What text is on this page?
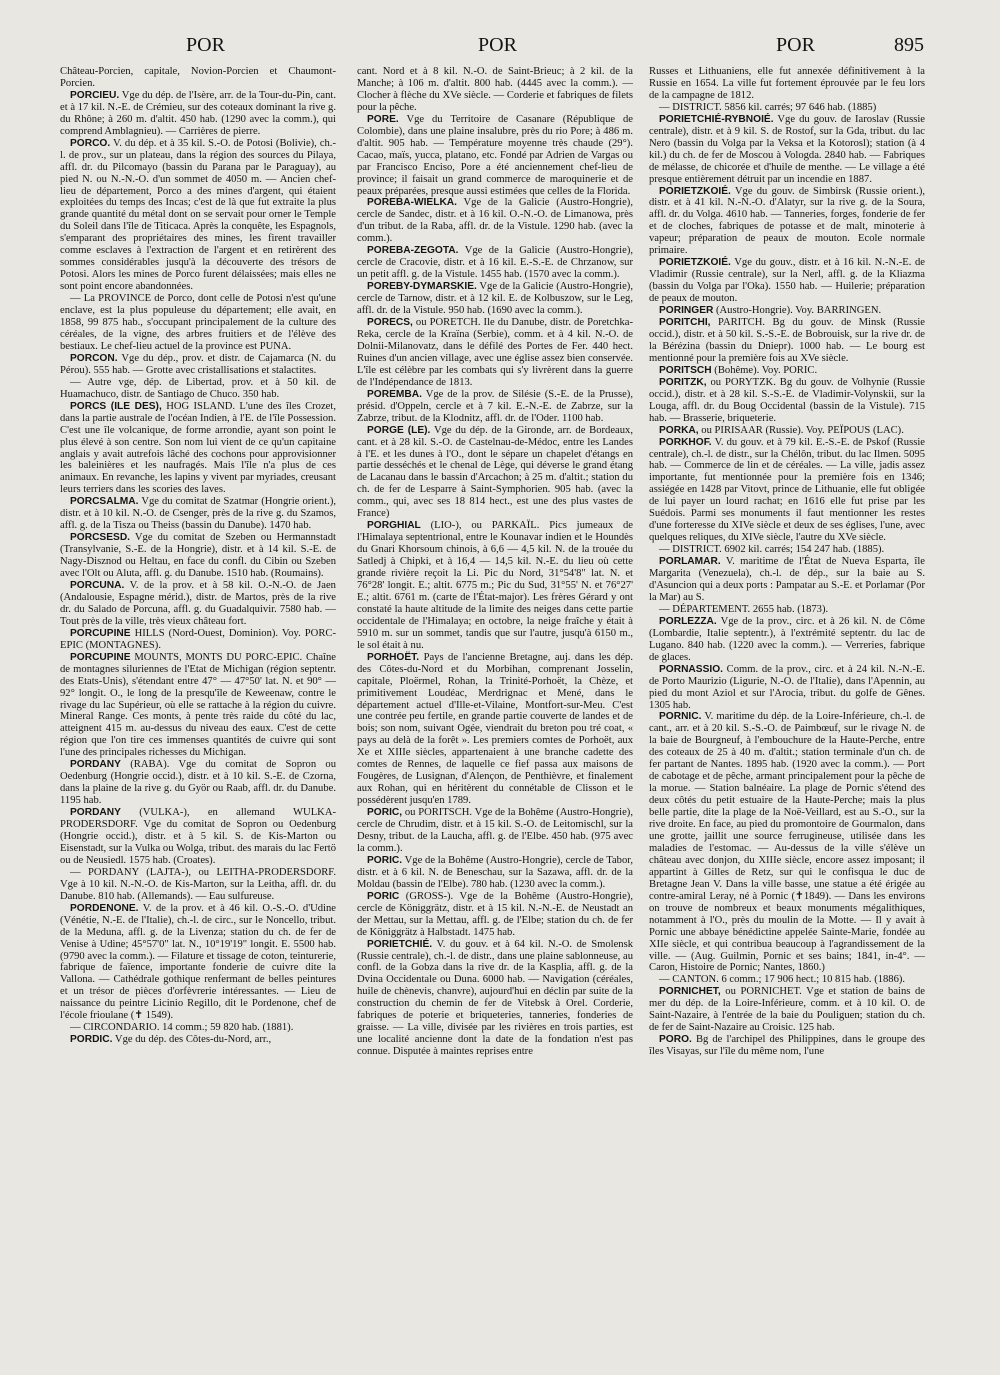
POR	POR	POR	895

Château-Porcien, capitale, Novion-Porcien et Chaumont-Porcien.

PORCIEU. Vge du dép. de l'Isère, arr. de la Tour-du-Pin, cant. et à 17 kil. N.-E. de Crémieu, sur des coteaux dominant la rive g. du Rhône; à 260 m. d'altit. 450 hab. (1290 avec la comm.), qui comprend Amblagnieu). — Carrières de pierre.

PORCO. V. du dép. et à 35 kil. S.-O. de Potosi (Bolivie), ch.-l. de prov., sur un plateau, dans la région des sources du Pilaya, affl. dr. du Pilcomayo (bassin du Parana par le Paraguay), au pied N. ou N.-N.-O. d'un sommet de 4050 m. — Ancien chef-lieu de département, Porco a des mines d'argent, qui étaient exploitées du temps des Incas; c'est de là que fut extraite la plus grande quantité du métal dont on se servait pour orner le Temple du Soleil dans l'île de Titicaca. Après la conquête, les Espagnols, s'emparant des propriétaires des mines, les firent travailler comme esclaves à l'extraction de l'argent et en retirèrent des sommes considérables jusqu'à la découverte des trésors de Potosi. Alors les mines de Porco furent délaissées; mais elles ne sont point encore abandonnées.

— La PROVINCE de Porco, dont celle de Potosi n'est qu'une enclave, est la plus populeuse du département; elle avait, en 1858, 99 875 hab., s'occupant principalement de la culture des céréales, de la vigne, des arbres fruitiers et de l'élève des bestiaux. Le chef-lieu actuel de la province est PUNA.

PORCON. Vge du dép., prov. et distr. de Cajamarca (N. du Pérou). 555 hab. — Grotte avec cristallisations et stalactites.

— Autre vge, dép. de Libertad, prov. et à 50 kil. de Huamachuco, distr. de Santiago de Chuco. 350 hab.

PORCS (ILE DES), HOG ISLAND. L'une des îles Crozet, dans la partie australe de l'océan Indien, à l'E. de l'île Possession. C'est une île volcanique, de forme arrondie, ayant son point le plus élevé à son centre. Son nom lui vient de ce qu'un capitaine anglais y avait autrefois lâché des cochons pour approvisionner les baleinières et les naufragés. Mais l'île n'a plus de ces animaux. En revanche, les lapins y vivent par myriades, creusant leurs terriers dans les scories des laves.

PORCSALMA. Vge du comitat de Szatmar (Hongrie orient.), distr. et à 10 kil. N.-O. de Csenger, près de la rive g. du Szamos, affl. g. de la Tisza ou Theiss (bassin du Danube). 1470 hab.

PORCSESD. Vge du comitat de Szeben ou Hermannstadt (Transylvanie, S.-E. de la Hongrie), distr. et à 14 kil. S.-E. de Nagy-Disznod ou Heltau, en face du confl. du Cibin ou Szeben avec l'Olt ou Aluta, affl. g. du Danube. 1510 hab. (Roumains).

PORCUNA. V. de la prov. et à 58 kil. O.-N.-O. de Jaen (Andalousie, Espagne mérid.), distr. de Martos, près de la rive dr. du Salado de Porcuna, affl. g. du Guadalquivir. 7580 hab. — Tout près de la ville, très vieux château fort.

PORCUPINE HILLS (Nord-Ouest, Dominion). Voy. PORC-EPIC (MONTAGNES).

PORCUPINE MOUNTS, MONTS DU PORC-EPIC. Chaîne de montagnes siluriennes de l'Etat de Michigan (région septentr. des Etats-Unis), s'étendant entre 47° — 47°50' lat. N. et 90° — 92° longit. O., le long de la presqu'île de Keweenaw, contre le rivage du lac Supérieur, où elle se rattache à la région du cuivre. Mineral Range. Ces monts, à pente très raide du côté du lac, atteignent 415 m. au-dessus du niveau des eaux. C'est de cette région que l'on tire ces immenses quantités de cuivre qui sont l'une des principales richesses du Michigan.

PORDANY (RABA). Vge du comitat de Sopron ou Oedenburg (Hongrie occid.), distr. et à 10 kil. S.-E. de Czorna, dans la plaine de la rive g. du Györ ou Raab, affl. dr. du Danube. 1195 hab.

PORDANY (VULKA-), en allemand WULKA-PRODERSDORF. Vge du comitat de Sopron ou Oedenburg (Hongrie occid.), distr. et à 5 kil. S. de Kis-Marton ou Eisenstadt, sur la Vulka ou Wolga, tribut. des marais du lac Fertö ou de Neusiedl. 1575 hab. (Croates).

— PORDANY (LAJTA-), ou LEITHA-PRODERSDORF. Vge à 10 kil. N.-N.-O. de Kis-Marton, sur la Leitha, affl. dr. du Danube. 810 hab. (Allemands). — Eau sulfureuse.

PORDENONE. V. de la prov. et à 46 kil. O.-S.-O. d'Udine (Vénétie, N.-E. de l'Italie), ch.-l. de circ., sur le Noncello, tribut. de la Meduna, affl. g. de la Livenza; station du ch. de fer de Venise à Udine; 45°57'0" lat. N., 10°19'19" longit. E. 5500 hab. (9790 avec la comm.). — Filature et tissage de coton, teinturerie, fabrique de faïence, importante fonderie de cuivre dite la Vallona. — Cathédrale gothique renfermant de belles peintures et un trésor de pièces d'orfèvrerie intéressantes. — Lieu de naissance du peintre Licinio Regillo, dit le Pordenone, chef de l'école frioulane (✝ 1549).

— CIRCONDARIO. 14 comm.; 59 820 hab. (1881).

PORDIC. Vge du dép. des Côtes-du-Nord, arr.,

cant. Nord et à 8 kil. N.-O. de Saint-Brieuc; à 2 kil. de la Manche; à 106 m. d'altit. 800 hab. (4445 avec la comm.). — Clocher à flèche du XVe siècle. — Corderie et fabriques de filets pour la pêche.

PORE. Vge du Territoire de Casanare (République de Colombie), dans une plaine insalubre, près du rio Pore; à 486 m. d'altit. 905 hab. — Température moyenne très chaude (29°). Cacao, maïs, yucca, platano, etc. Fondé par Adrien de Vargas ou par Francisco Enciso, Pore a été anciennement chef-lieu de province; il faisait un grand commerce de maroquinerie et de peaux préparées, presque aussi estimées que celles de la Florida.

POREBA-WIELKA. Vge de la Galicie (Austro-Hongrie), cercle de Sandec, distr. et à 16 kil. O.-N.-O. de Limanowa, près d'un tribut. de la Raba, affl. dr. de la Vistule. 1290 hab. (avec la comm.).

POREBA-ZEGOTA. Vge de la Galicie (Austro-Hongrie), cercle de Cracovie, distr. et à 16 kil. E.-S.-E. de Chrzanow, sur un petit affl. g. de la Vistule. 1455 hab. (1570 avec la comm.).

POREBY-DYMARSKIE. Vge de la Galicie (Austro-Hongrie), cercle de Tarnow, distr. et à 12 kil. E. de Kolbuszow, sur le Leg, affl. dr. de la Vistule. 950 hab. (1690 avec la comm.).

PORECS, ou PORETCH. Ile du Danube, distr. de Poretchka-Reka, cercle de la Kraïna (Serbie), comm. et à 4 kil. N.-O. de Dolnii-Milanovatz, dans le défilé des Portes de Fer. 440 hect. Ruines d'un ancien village, avec une église assez bien conservée. L'île est célèbre par les combats qui s'y livrèrent dans la guerre de l'Indépendance de 1813.

POREMBA. Vge de la prov. de Silésie (S.-E. de la Prusse), présid. d'Oppeln, cercle et à 7 kil. E.-N.-E. de Zabrze, sur la Zabrze, tribut. de la Klodnitz, affl. dr. de l'Oder. 1100 hab.

PORGE (LE). Vge du dép. de la Gironde, arr. de Bordeaux, cant. et à 28 kil. S.-O. de Castelnau-de-Médoc, entre les Landes à l'E. et les dunes à l'O., dont le sépare un chapelet d'étangs en partie desséchés et le chenal de Lège, qui déverse le grand étang de Lacanau dans le bassin d'Arcachon; à 25 m. d'altit.; station du ch. de fer de Lesparre à Saint-Symphorien. 905 hab. (avec la comm., qui, avec ses 18 814 hect., est une des plus vastes de France)

PORGHIAL (LIO-), ou PARKAÏL. Pics jumeaux de l'Himalaya septentrional, entre le Kounavar indien et le Houndès du Gnari Khorsoum chinois, à 6,6 — 4,5 kil. N. de la trouée du Satledj à Chipki, et à 16,4 — 14,5 kil. N.-E. du lieu où cette grande rivière reçoit la Li. Pic du Nord, 31°54'8" lat. N. et 76°28' longit. E.; altit. 6775 m.; Pic du Sud, 31°55' N. et 76°27' E.; altit. 6761 m. (carte de l'État-major). Les frères Gérard y ont constaté la haute altitude de la limite des neiges dans cette partie occidentale de l'Himalaya; en octobre, la neige fraîche y était à 5910 m. sur un sommet, tandis que sur l'autre, jusqu'à 6150 m., le sol était à nu.

PORHOËT. Pays de l'ancienne Bretagne, auj. dans les dép. des Côtes-du-Nord et du Morbihan, comprenant Josselin, capitale, Ploërmel, Rohan, la Trinité-Porhoët, la Chèze, et primitivement Loudéac, Merdrignac et Mené, dans le département actuel d'Ille-et-Vilaine, Montfort-sur-Meu. C'est une contrée peu fertile, en grande partie couverte de landes et de bois; son nom, suivant Ogée, viendrait du breton pou tré coat, « pays au delà de la forêt ». Les premiers comtes de Porhoët, aux Xe et XIIIe siècles, appartenaient à une branche cadette des comtes de Rennes, de laquelle ce fief passa aux maisons de Fougères, de Lusignan, d'Alençon, de Penthièvre, et finalement aux Rohan, qui en héritèrent du connétable de Clisson et le possédèrent jusqu'en 1789.

PORIC, ou PORITSCH. Vge de la Bohême (Austro-Hongrie), cercle de Chrudim, distr. et à 15 kil. S.-O. de Leitomischl, sur la Desny, tribut. de la Laucha, affl. g. de l'Elbe. 450 hab. (975 avec la comm.).

PORIC. Vge de la Bohême (Austro-Hongrie), cercle de Tabor, distr. et à 6 kil. N. de Beneschau, sur la Sazawa, affl. dr. de la Moldau (bassin de l'Elbe). 780 hab. (1230 avec la comm.).

PORIC (GROSS-). Vge de la Bohême (Austro-Hongrie), cercle de Königgrätz, distr. et à 15 kil. N.-N.-E. de Neustadt an der Mettau, sur la Mettau, affl. g. de l'Elbe; station du ch. de fer de Königgrätz à Halbstadt. 1475 hab.

PORIETCHIÉ. V. du gouv. et à 64 kil. N.-O. de Smolensk (Russie centrale), ch.-l. de distr., dans une plaine sablonneuse, au confl. de la Gobza dans la rive dr. de la Kasplia, affl. g. de la Dvina Occidentale ou Duna. 6000 hab. — Navigation (céréales, huile de chènevis, chanvre), aujourd'hui en déclin par suite de la construction du chemin de fer de Vitebsk à Orel. Corderie, fabriques de poterie et briqueteries, tanneries, fonderies de graisse. — La ville, divisée par les rivières en trois parties, est une localité ancienne dont la date de la fondation n'est pas connue. Disputée à maintes reprises entre

Russes et Lithuaniens, elle fut annexée définitivement à la Russie en 1654. La ville fut fortement éprouvée par le feu lors de la campagne de 1812.

— DISTRICT. 5856 kil. carrés; 97 646 hab. (1885)

PORIETCHIÉ-RYBNOIÉ. Vge du gouv. de Iaroslav (Russie centrale), distr. et à 9 kil. S. de Rostof, sur la Gda, tribut. du lac Nero (bassin du Volga par la Veksa et la Kotorosl); station (à 4 kil.) du ch. de fer de Moscou à Vologda. 2840 hab. — Fabriques de mélasse, de chicorée et d'huile de menthe. — Le village a été presque entièrement détruit par un incendie en 1887.

PORIETZKOIÉ. Vge du gouv. de Simbirsk (Russie orient.), distr. et à 41 kil. N.-N.-O. d'Alatyr, sur la rive g. de la Soura, affl. dr. du Volga. 4610 hab. — Tanneries, forges, fonderie de fer et de cloches, fabriques de potasse et de malt, minoterie à vapeur; préparation de peaux de mouton. Ecole normale primaire.

PORIETZKOIÉ. Vge du gouv., distr. et à 16 kil. N.-N.-E. de Vladimir (Russie centrale), sur la Nerl, affl. g. de la Kliazma (bassin du Volga par l'Oka). 1550 hab. — Huilerie; préparation de peaux de mouton.

PORINGER (Austro-Hongrie). Voy. BARRINGEN.

PORITCHI, PARITCH. Bg du gouv. de Minsk (Russie occid.), distr. et à 50 kil. S.-S.-E. de Bobrouisk, sur la rive dr. de la Bérézina (bassin du Dniepr). 1000 hab. — Le bourg est mentionné pour la première fois au XVe siècle.

PORITSCH (Bohême). Voy. PORIC.

PORITZK, ou PORYTZK. Bg du gouv. de Volhynie (Russie occid.), distr. et à 28 kil. S.-S.-E. de Vladimir-Volynskii, sur la Louga, affl. dr. du Boug Occidental (bassin de la Vistule). 715 hab. — Brasserie, briqueterie.

PORKA, ou PIRISAAR (Russie). Voy. PEÏPOUS (LAC).

PORKHOF. V. du gouv. et à 79 kil. E.-S.-E. de Pskof (Russie centrale), ch.-l. de distr., sur la Chélôn, tribut. du lac Ilmen. 5095 hab. — Commerce de lin et de céréales. — La ville, jadis assez importante, fut mentionnée pour la première fois en 1346; assiégée en 1428 par Vitovt, prince de Lithuanie, elle fut obligée de lui payer un lourd rachat; en 1616 elle fut prise par les Suédois. Parmi ses monuments il faut mentionner les restes d'une forteresse du XIVe siècle et deux de ses églises, l'une, avec quelques reliques, du XIVe siècle, l'autre du XVe siècle.

— DISTRICT. 6902 kil. carrés; 154 247 hab. (1885).

PORLAMAR. V. maritime de l'État de Nueva Esparta, île Margarita (Venezuela), ch.-l. de dép., sur la baie au S. d'Asuncion qui a deux ports : Pampatar au S.-E. et Porlamar (Por la Mar) au S.

— DÉPARTEMENT. 2655 hab. (1873).

PORLEZZA. Vge de la prov., circ. et à 26 kil. N. de Côme (Lombardie, Italie septentr.), à l'extrémité septentr. du lac de Lugano. 840 hab. (1220 avec la comm.). — Verreries, fabrique de glaces.

PORNASSIO. Comm. de la prov., circ. et à 24 kil. N.-N.-E. de Porto Maurizio (Ligurie, N.-O. de l'Italie), dans l'Apennin, au pied du mont Aziol et sur l'Arocia, tribut. du golfe de Gênes. 1305 hab.

PORNIC. V. maritime du dép. de la Loire-Inférieure, ch.-l. de cant., arr. et à 20 kil. S.-S.-O. de Paimbœuf, sur le rivage N. de la baie de Bourgneuf, à l'embouchure de la Haute-Perche, entre des coteaux de 25 à 40 m. d'altit.; station terminale d'un ch. de fer partant de Nantes. 1895 hab. (1920 avec la comm.). — Port de cabotage et de pêche, armant principalement pour la pêche de la morue. — Station balnéaire. La plage de Pornic s'étend des deux côtés du petit estuaire de la Haute-Perche; mais la plus belle partie, dite la plage de la Noë-Veillard, est au S.-O., sur la rive droite. En face, au pied du promontoire de Gourmalon, dans une grotte, jaillit une source ferrugineuse, utilisée dans les maladies de l'estomac. — Au-dessus de la ville s'élève un château avec donjon, du XIIIe siècle, encore assez imposant; il appartint à Gilles de Retz, sur qui le confisqua le duc de Bretagne Jean V. Dans la ville basse, une statue a été érigée au contre-amiral Leray, né à Pornic (✝1849). — Dans les environs on trouve de nombreux et beaux monuments mégalithiques, notamment à l'O., près du moulin de la Motte. — Il y avait à Pornic une abbaye bénédictine appelée Sainte-Marie, fondée au XIIe siècle, et qui contribua beaucoup à l'agrandissement de la ville. — (Aug. Guilmin, Pornic et ses bains; 1841, in-4°. — Caron, Histoire de Pornic; Nantes, 1860.)

— CANTON. 6 comm.; 17 906 hect.; 10 815 hab. (1886).

PORNICHET, ou PORNICHET. Vge et station de bains de mer du dép. de la Loire-Inférieure, comm. et à 10 kil. O. de Saint-Nazaire, à l'entrée de la baie du Pouliguen; station du ch. de fer de Saint-Nazaire au Croisic. 125 hab.

PORO. Bg de l'archipel des Philippines, dans le groupe des îles Visayas, sur l'île du même nom, l'une
